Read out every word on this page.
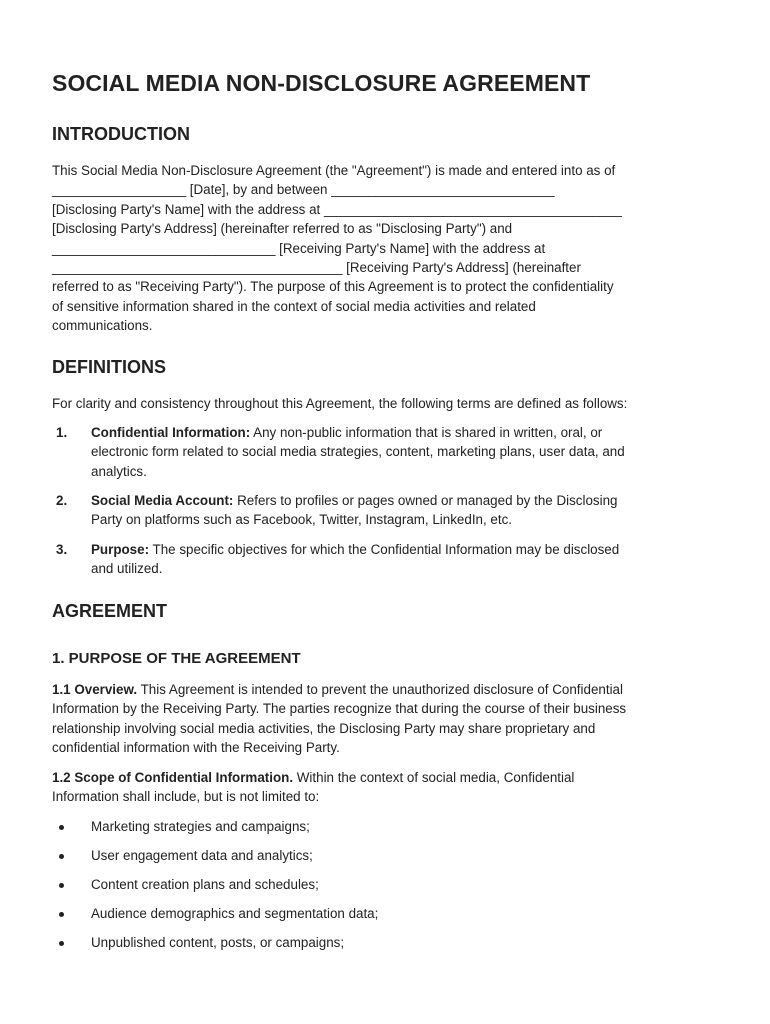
SOCIAL MEDIA NON-DISCLOSURE AGREEMENT
INTRODUCTION

This Social Media Non-Disclosure Agreement (the "Agreement") is made and entered into as of
__________________ [Date], by and between ______________________________
[Disclosing Party's Name] with the address at ________________________________________
[Disclosing Party's Address] (hereinafter referred to as "Disclosing Party") and
______________________________ [Receiving Party's Name] with the address at
_______________________________________ [Receiving Party's Address] (hereinafter
referred to as "Receiving Party"). The purpose of this Agreement is to protect the confidentiality
of sensitive information shared in the context of social media activities and related
communications.

DEFINITIONS

For clarity and consistency throughout this Agreement, the following terms are defined as follows:

1. Confidential Information: Any non-public information that is shared in written, oral, or
electronic form related to social media strategies, content, marketing plans, user data, and
analytics.
2. Social Media Account: Refers to profiles or pages owned or managed by the Disclosing
Party on platforms such as Facebook, Twitter, Instagram, LinkedIn, etc.
3. Purpose: The specific objectives for which the Confidential Information may be disclosed
and utilized.
AGREEMENT
1. PURPOSE OF THE AGREEMENT

1.1 Overview. This Agreement is intended to prevent the unauthorized disclosure of Confidential
Information by the Receiving Party. The parties recognize that during the course of their business
relationship involving social media activities, the Disclosing Party may share proprietary and
confidential information with the Receiving Party.

1.2 Scope of Confidential Information. Within the context of social media, Confidential
Information shall include, but is not limited to:

Marketing strategies and campaigns;
User engagement data and analytics;
Content creation plans and schedules;
Audience demographics and segmentation data;
Unpublished content, posts, or campaigns;
